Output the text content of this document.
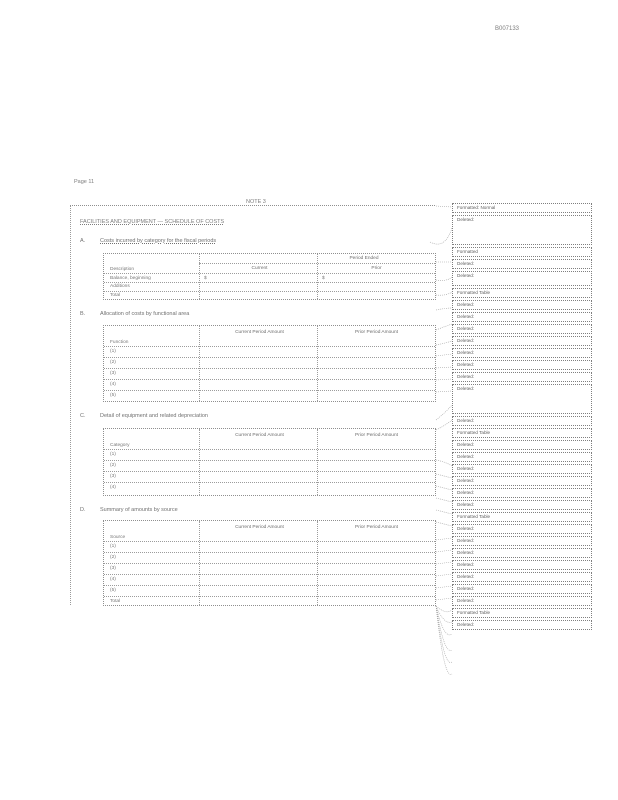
B007133
Page 11
NOTE 3
FACILITIES AND EQUIPMENT — SCHEDULE OF COSTS
A.	Costs incurred by category for the fiscal periods
Period Ended
Current	Prior
Description
Balance, beginning	$	$
Additions
Total
B.	Allocation of costs by functional area
Current Period Amount	Prior Period Amount
Function
(1)
(2)
(3)
(4)
(5)
C.	Detail of equipment and related depreciation
Current Period Amount	Prior Period Amount
Category
(1)
(2)
(3)
(4)
D.	Summary of amounts by source
Current Period Amount	Prior Period Amount
Source
(1)
(2)
(3)
(4)
(5)
Total
Formatted: Normal
Deleted:
Formatted
Deleted:
Deleted:
Formatted Table
Deleted:
Deleted:
Deleted:
Deleted:
Deleted:
Deleted:
Deleted:
Deleted:
Deleted:
Formatted Table
Deleted:
Deleted:
Deleted:
Deleted:
Deleted:
Deleted:
Formatted Table
Deleted:
Deleted:
Deleted:
Deleted:
Deleted:
Deleted:
Deleted:
Formatted Table
Deleted:
